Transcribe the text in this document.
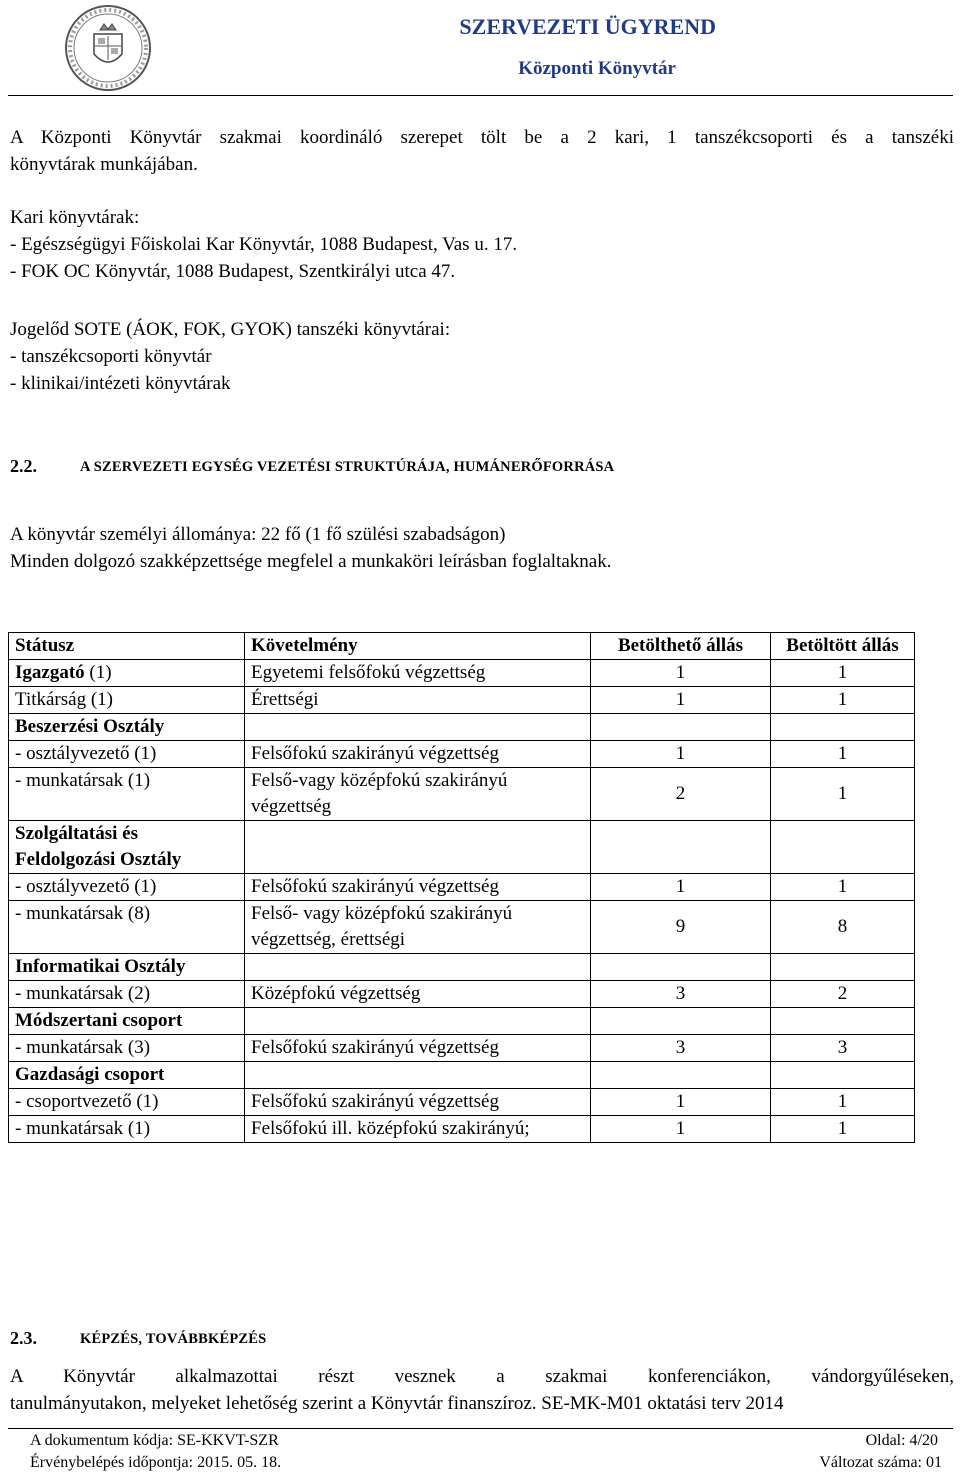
SZERVEZETI ÜGYREND
Központi Könyvtár
A Központi Könyvtár szakmai koordináló szerepet tölt be a 2 kari, 1 tanszékcsoporti és a tanszéki
könyvtárak munkájában.
Kari könyvtárak:
- Egészségügyi Főiskolai Kar Könyvtár, 1088 Budapest, Vas u. 17.
- FOK OC Könyvtár, 1088 Budapest, Szentkirályi utca 47.
Jogelőd SOTE (ÁOK, FOK, GYOK) tanszéki könyvtárai:
- tanszékcsoporti könyvtár
- klinikai/intézeti könyvtárak
2.2.	A SZERVEZETI EGYSÉG VEZETÉSI STRUKTÚRÁJA, HUMÁNERŐFORRÁSA
A könyvtár személyi állománya: 22 fő (1 fő szülési szabadságon)
Minden dolgozó szakképzettsége megfelel a munkaköri leírásban foglaltaknak.
Státusz	Követelmény	Betölthető állás	Betöltött állás
Igazgató (1)	Egyetemi felsőfokú végzettség	1	1
Titkárság (1)	Érettségi	1	1
Beszerzési Osztály			
- osztályvezető (1)	Felsőfokú szakirányú végzettség	1	1
- munkatársak (1)	Felső-vagy középfokú szakirányú végzettség	2	1
Szolgáltatási és Feldolgozási Osztály			
- osztályvezető (1)	Felsőfokú szakirányú végzettség	1	1
- munkatársak (8)	Felső- vagy középfokú szakirányú végzettség, érettségi	9	8
Informatikai Osztály			
- munkatársak (2)	Középfokú végzettség	3	2
Módszertani csoport			
- munkatársak (3)	Felsőfokú szakirányú végzettség	3	3
Gazdasági csoport			
- csoportvezető (1)	Felsőfokú szakirányú végzettség	1	1
- munkatársak (1)	Felsőfokú ill. középfokú szakirányú;	1	1
2.3.	KÉPZÉS, TOVÁBBKÉPZÉS
A Könyvtár alkalmazottai részt vesznek a szakmai konferenciákon, vándorgyűléseken,
tanulmányutakon, melyeket lehetőség szerint a Könyvtár finanszíroz. SE-MK-M01 oktatási terv 2014
A dokumentum kódja: SE-KKVT-SZR	Oldal: 4/20
Érvénybelépés időpontja: 2015. 05. 18.	Változat száma: 01
